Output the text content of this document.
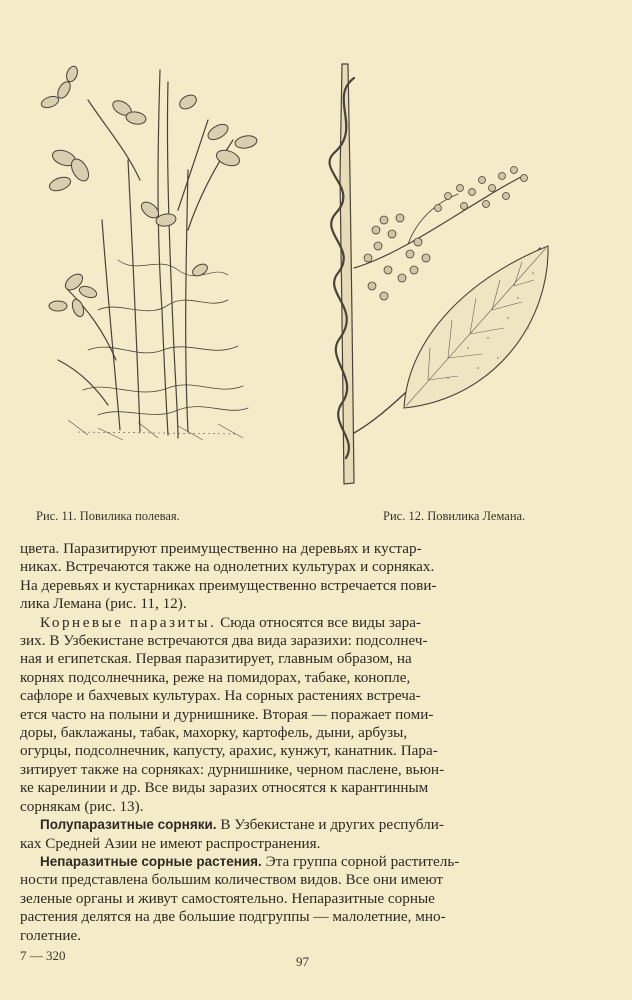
Рис. 11. Повилика полевая.	Рис. 12. Повилика Лемана.
цвета. Паразитируют преимущественно на деревьях и кустар-
никах. Встречаются также на однолетних культурах и сорняках.
На деревьях и кустарниках преимущественно встречается пови-
лика Лемана (рис. 11, 12).
Корневые паразиты. Сюда относятся все виды зара-
зих. В Узбекистане встречаются два вида заразихи: подсолнеч-
ная и египетская. Первая паразитирует, главным образом, на
корнях подсолнечника, реже на помидорах, табаке, конопле,
сафлоре и бахчевых культурах. На сорных растениях встреча-
ется часто на полыни и дурнишнике. Вторая — поражает поми-
доры, баклажаны, табак, махорку, картофель, дыни, арбузы,
огурцы, подсолнечник, капусту, арахис, кунжут, канатник. Пара-
зитирует также на сорняках: дурнишнике, черном паслене, вьюн-
ке карелинии и др. Все виды заразих относятся к карантинным
сорнякам (рис. 13).
Полупаразитные сорняки. В Узбекистане и других республи-
ках Средней Азии не имеют распространения.
Непаразитные сорные растения. Эта группа сорной раститель-
ности представлена большим количеством видов. Все они имеют
зеленые органы и живут самостоятельно. Непаразитные сорные
растения делятся на две большие подгруппы — малолетние, мно-
голетние.
7 — 320	97
